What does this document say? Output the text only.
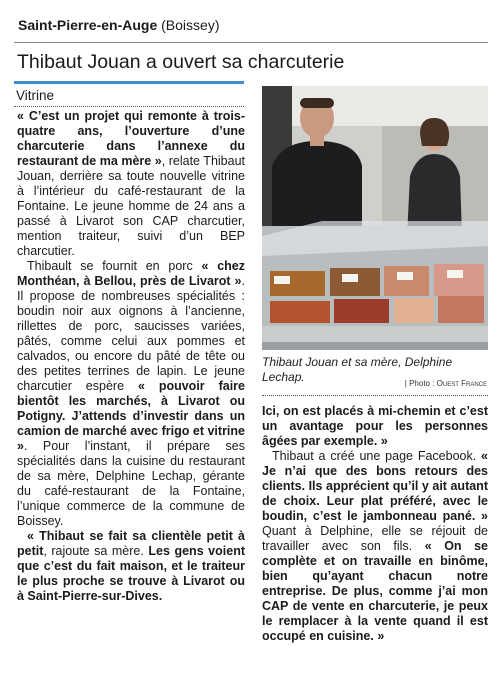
Saint-Pierre-en-Auge (Boissey)
Thibaut Jouan a ouvert sa charcuterie
Vitrine

« C’est un projet qui remonte à trois-quatre ans, l’ouverture d’une charcuterie dans l’annexe du restaurant de ma mère », relate Thibaut Jouan, derrière sa toute nouvelle vitrine à l’intérieur du café-restaurant de la Fontaine. Le jeune homme de 24 ans a passé à Livarot son CAP charcutier, mention traiteur, suivi d’un BEP charcutier.

Thibault se fournit en porc « chez Monthéan, à Bellou, près de Livarot ». Il propose de nombreuses spécialités : boudin noir aux oignons à l’ancienne, rillettes de porc, saucisses variées, pâtés, comme celui aux pommes et calvados, ou encore du pâté de tête ou des petites terrines de lapin. Le jeune charcutier espère « pouvoir faire bientôt les marchés, à Livarot ou Potigny. J’attends d’investir dans un camion de marché avec frigo et vitrine ». Pour l’instant, il prépare ses spécialités dans la cuisine du restaurant de sa mère, Delphine Lechap, gérante du café-restaurant de la Fontaine, l’unique commerce de la commune de Boissey.

« Thibaut se fait sa clientèle petit à petit, rajoute sa mère. Les gens voient que c’est du fait maison, et le traiteur le plus proche se trouve à Livarot ou à Saint-Pierre-sur-Dives.

Thibaut Jouan et sa mère, Delphine Lechap.	| Photo : Ouest France

Ici, on est placés à mi-chemin et c’est un avantage pour les personnes âgées par exemple. »

Thibaut a créé une page Facebook. « Je n’ai que des bons retours des clients. Ils apprécient qu’il y ait autant de choix. Leur plat préféré, avec le boudin, c’est le jambonneau pané. » Quant à Delphine, elle se réjouit de travailler avec son fils. « On se complète et on travaille en binôme, bien qu’ayant chacun notre entreprise. De plus, comme j’ai mon CAP de vente en charcuterie, je peux le remplacer à la vente quand il est occupé en cuisine. »
